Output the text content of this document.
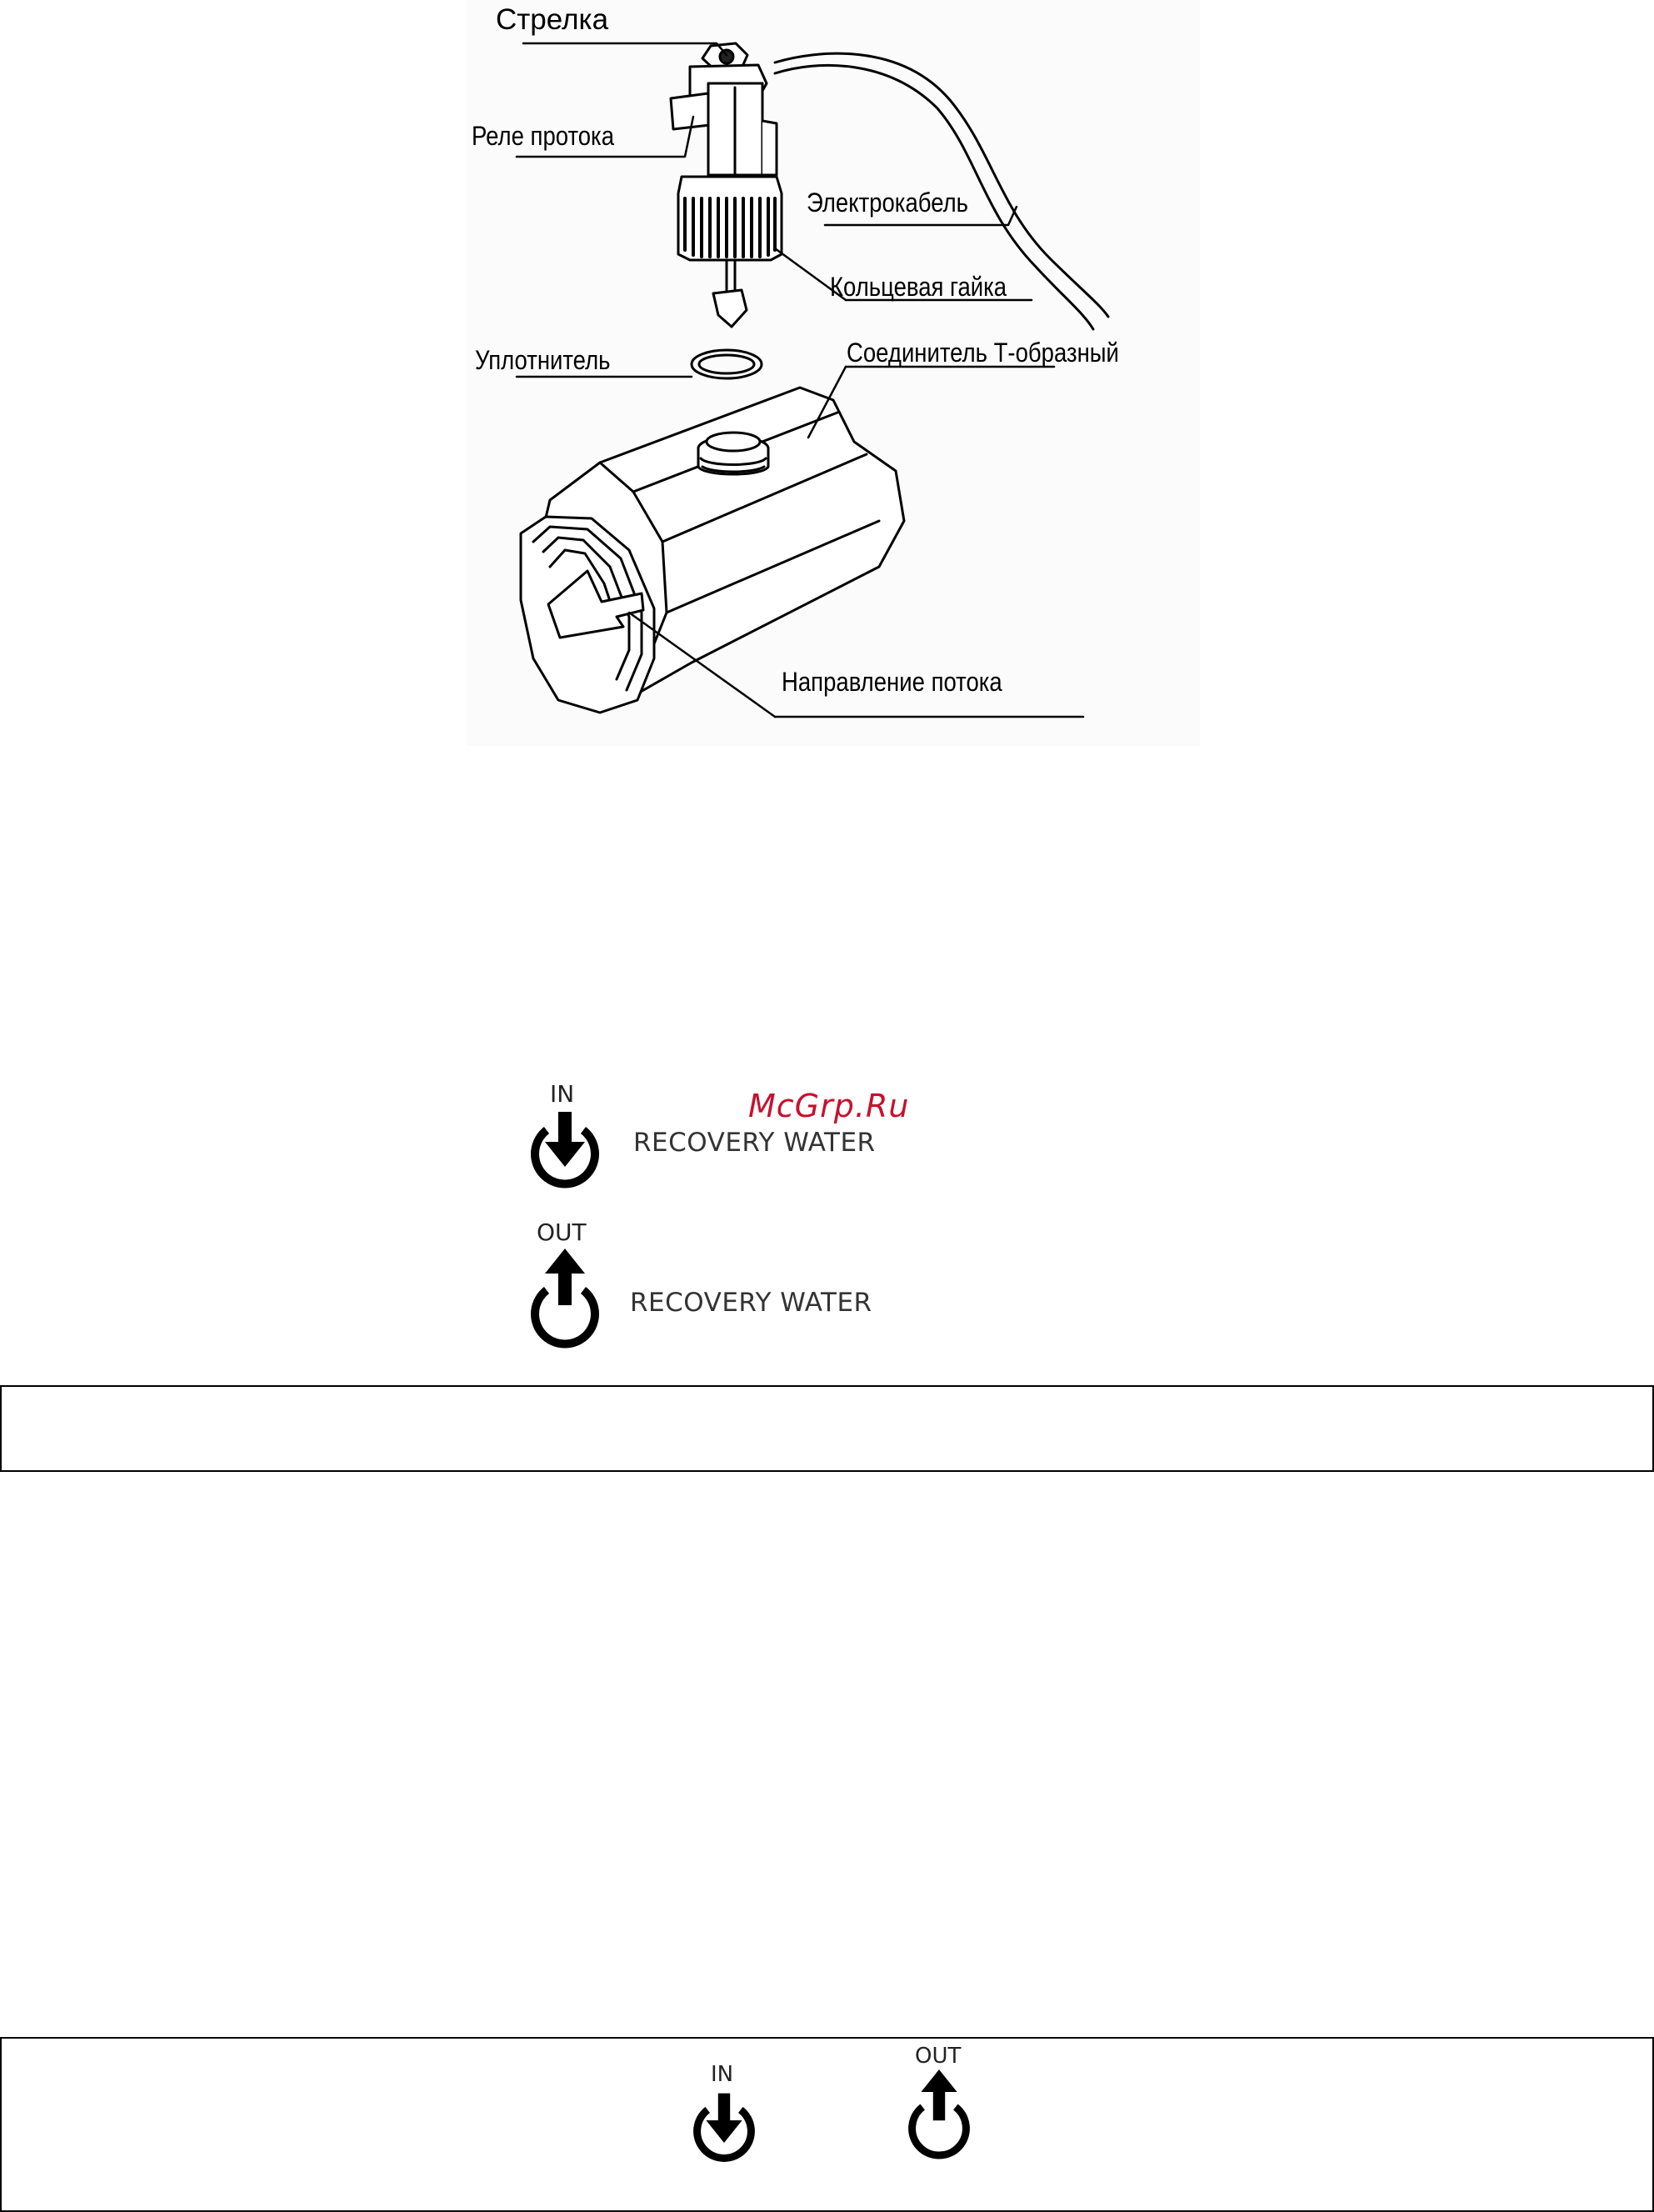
Стрелка
Реле протока
Электрокабель
Кольцевая гайка
Уплотнитель	Соединитель Т-образный
Направление потока
McGrp.Ru
IN
RECOVERY WATER
OUT
RECOVERY WATER
IN
OUT
